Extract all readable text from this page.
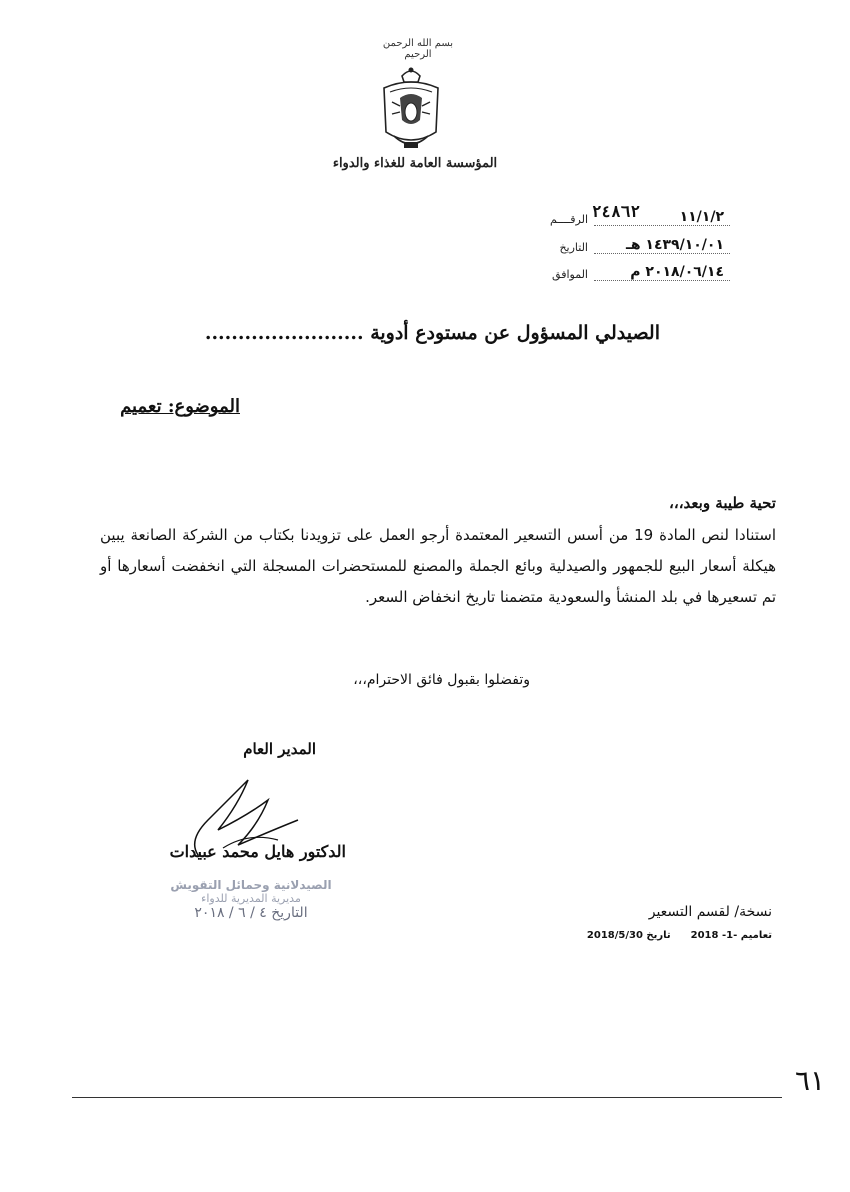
بسم الله الرحمن الرحيم
المؤسسة العامة للغذاء والدواء
٢٤٨٦٢
الرقــــم	١١/١/٢
التاريخ	١٤٣٩/١٠/٠١ هـ
الموافق	٢٠١٨/٠٦/١٤ م
الصيدلي المسؤول عن مستودع أدوية ........................
الموضوع: تعميم
تحية طيبة وبعد،،،
استنادا لنص المادة 19 من أسس التسعير المعتمدة أرجو العمل على تزويدنا بكتاب من الشركة الصانعة يبين هيكلة أسعار البيع للجمهور والصيدلية وبائع الجملة والمصنع للمستحضرات المسجلة التي انخفضت أسعارها أو تم تسعيرها في بلد المنشأ والسعودية متضمنا تاريخ انخفاض السعر.
وتفضلوا بقبول فائق الاحترام،،،
المدير العام
الدكتور هايل محمد عبيدات
الصيدلانية وحمائل التقويش
مديرية المديرية للدواء
التاريخ ٤ / ٦ / ٢٠١٨	نسخة/ لقسم التسعير
تعاميم -1- 2018
تاريخ 2018/5/30
٦١
